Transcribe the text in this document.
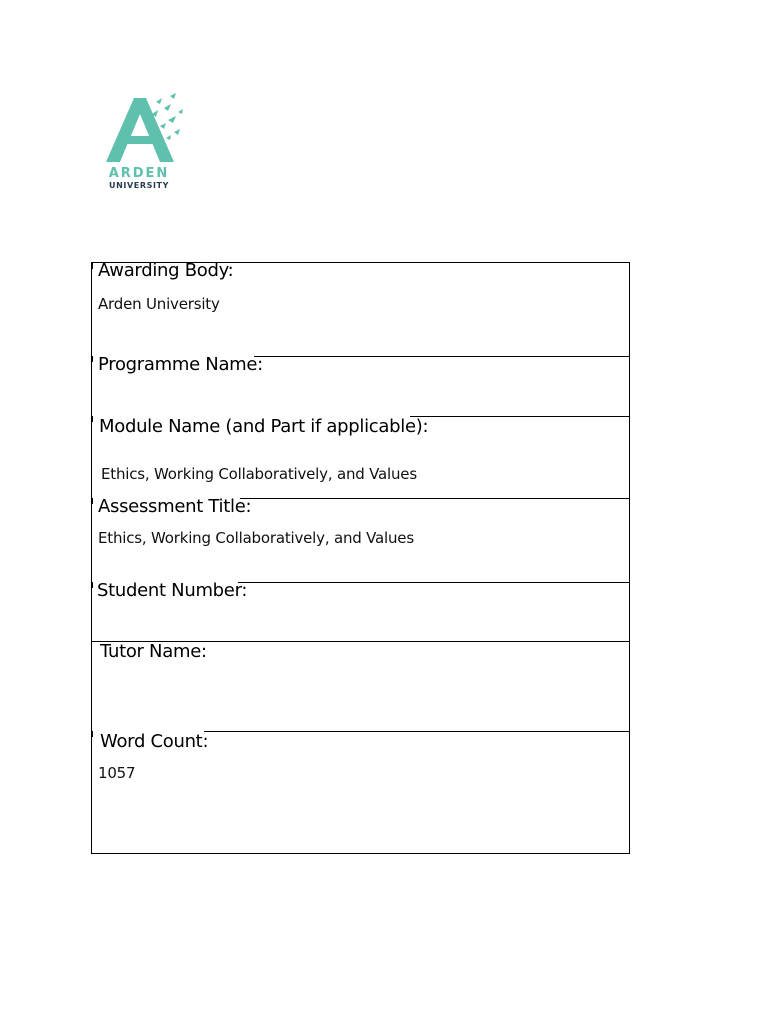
ARDEN
UNIVERSITY
Awarding Body:
Arden University
Programme Name:
Module Name (and Part if applicable):
Ethics, Working Collaboratively, and Values
Assessment Title:
Ethics, Working Collaboratively, and Values
Student Number:
Tutor Name:
Word Count:
1057
